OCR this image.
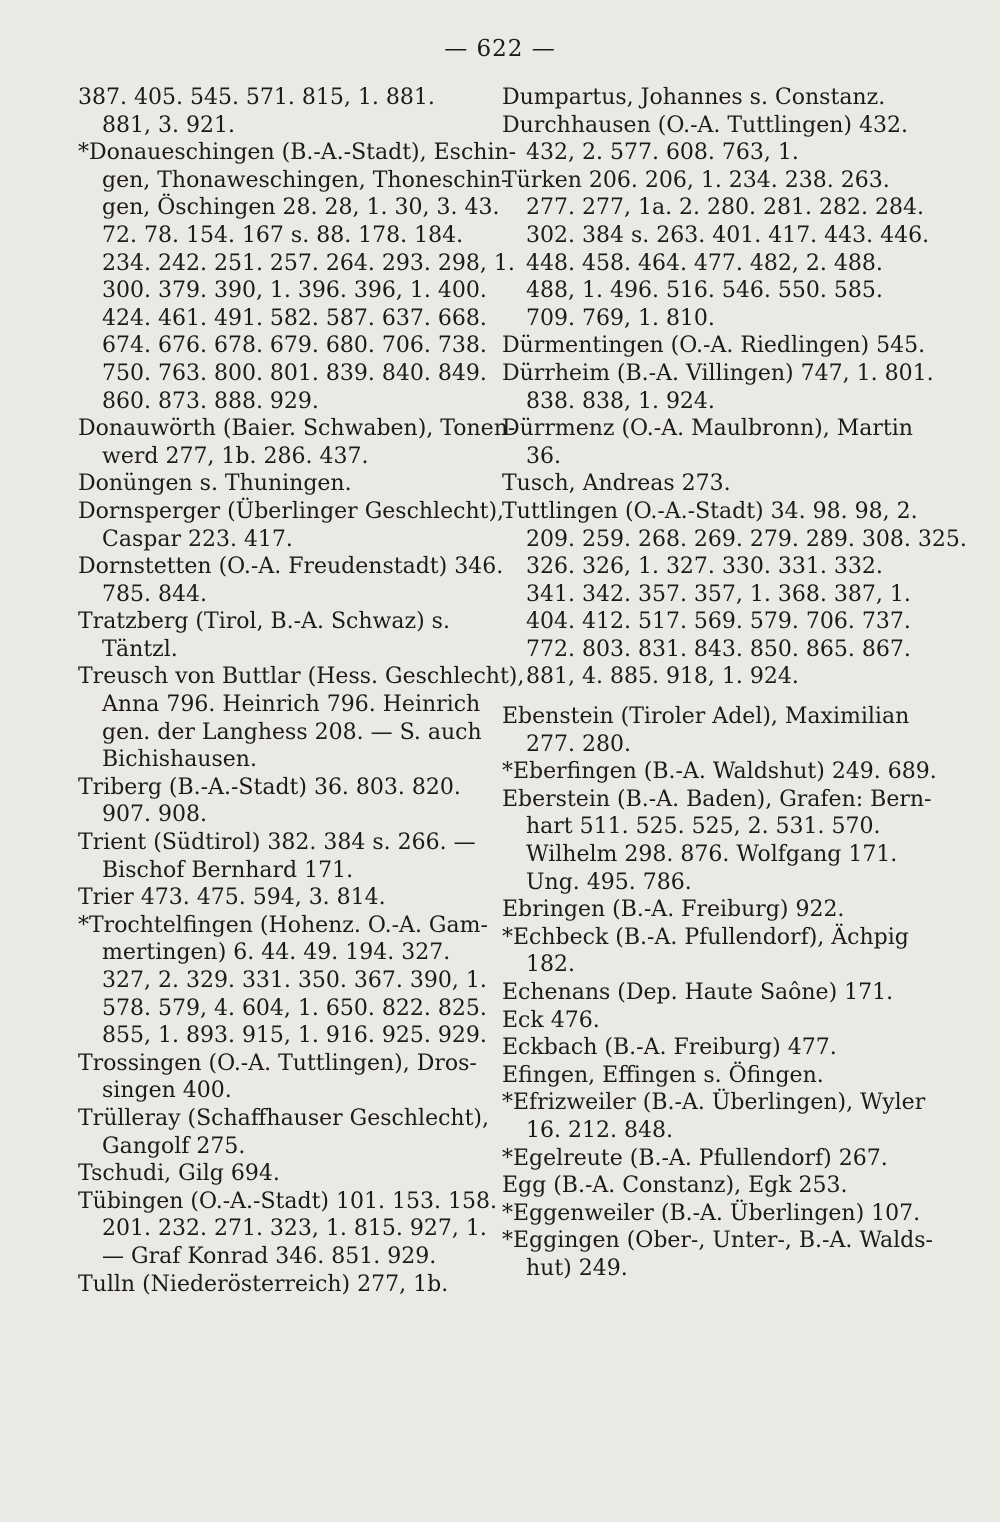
— 622 —

387. 405. 545. 571. 815, 1. 881.
881, 3. 921.

*Donaueschingen (B.-A.-Stadt), Eschin-
gen, Thonaweschingen, Thoneschin-
gen, Öschingen 28. 28, 1. 30, 3. 43.
72. 78. 154. 167 s. 88. 178. 184.
234. 242. 251. 257. 264. 293. 298, 1.
300. 379. 390, 1. 396. 396, 1. 400.
424. 461. 491. 582. 587. 637. 668.
674. 676. 678. 679. 680. 706. 738.
750. 763. 800. 801. 839. 840. 849.
860. 873. 888. 929.

Donauwörth (Baier. Schwaben), Tonen-
werd 277, 1b. 286. 437.

Donüngen s. Thuningen.

Dornsperger (Überlinger Geschlecht),
Caspar 223. 417.

Dornstetten (O.-A. Freudenstadt) 346.
785. 844.

Tratzberg (Tirol, B.-A. Schwaz) s.
Täntzl.

Treusch von Buttlar (Hess. Geschlecht),
Anna 796. Heinrich 796. Heinrich
gen. der Langhess 208. — S. auch
Bichishausen.

Triberg (B.-A.-Stadt) 36. 803. 820.
907. 908.

Trient (Südtirol) 382. 384 s. 266. —
Bischof Bernhard 171.

Trier 473. 475. 594, 3. 814.

*Trochtelfingen (Hohenz. O.-A. Gam-
mertingen) 6. 44. 49. 194. 327.
327, 2. 329. 331. 350. 367. 390, 1.
578. 579, 4. 604, 1. 650. 822. 825.
855, 1. 893. 915, 1. 916. 925. 929.

Trossingen (O.-A. Tuttlingen), Dros-
singen 400.

Trülleray (Schaffhauser Geschlecht),
Gangolf 275.

Tschudi, Gilg 694.

Tübingen (O.-A.-Stadt) 101. 153. 158.
201. 232. 271. 323, 1. 815. 927, 1.
— Graf Konrad 346. 851. 929.

Tulln (Niederösterreich) 277, 1b.

Dumpartus, Johannes s. Constanz.

Durchhausen (O.-A. Tuttlingen) 432.
432, 2. 577. 608. 763, 1.

Türken 206. 206, 1. 234. 238. 263.
277. 277, 1a. 2. 280. 281. 282. 284.
302. 384 s. 263. 401. 417. 443. 446.
448. 458. 464. 477. 482, 2. 488.
488, 1. 496. 516. 546. 550. 585.
709. 769, 1. 810.

Dürmentingen (O.-A. Riedlingen) 545.

Dürrheim (B.-A. Villingen) 747, 1. 801.
838. 838, 1. 924.

Dürrmenz (O.-A. Maulbronn), Martin
36.

Tusch, Andreas 273.

Tuttlingen (O.-A.-Stadt) 34. 98. 98, 2.
209. 259. 268. 269. 279. 289. 308. 325.
326. 326, 1. 327. 330. 331. 332.
341. 342. 357. 357, 1. 368. 387, 1.
404. 412. 517. 569. 579. 706. 737.
772. 803. 831. 843. 850. 865. 867.
881, 4. 885. 918, 1. 924.

Ebenstein (Tiroler Adel), Maximilian
277. 280.

*Eberfingen (B.-A. Waldshut) 249. 689.

Eberstein (B.-A. Baden), Grafen: Bern-
hart 511. 525. 525, 2. 531. 570.
Wilhelm 298. 876. Wolfgang 171.
Ung. 495. 786.

Ebringen (B.-A. Freiburg) 922.

*Echbeck (B.-A. Pfullendorf), Ächpig
182.

Echenans (Dep. Haute Saône) 171.

Eck 476.

Eckbach (B.-A. Freiburg) 477.

Efingen, Effingen s. Öfingen.

*Efrizweiler (B.-A. Überlingen), Wyler
16. 212. 848.

*Egelreute (B.-A. Pfullendorf) 267.

Egg (B.-A. Constanz), Egk 253.

*Eggenweiler (B.-A. Überlingen) 107.

*Eggingen (Ober-, Unter-, B.-A. Walds-
hut) 249.
